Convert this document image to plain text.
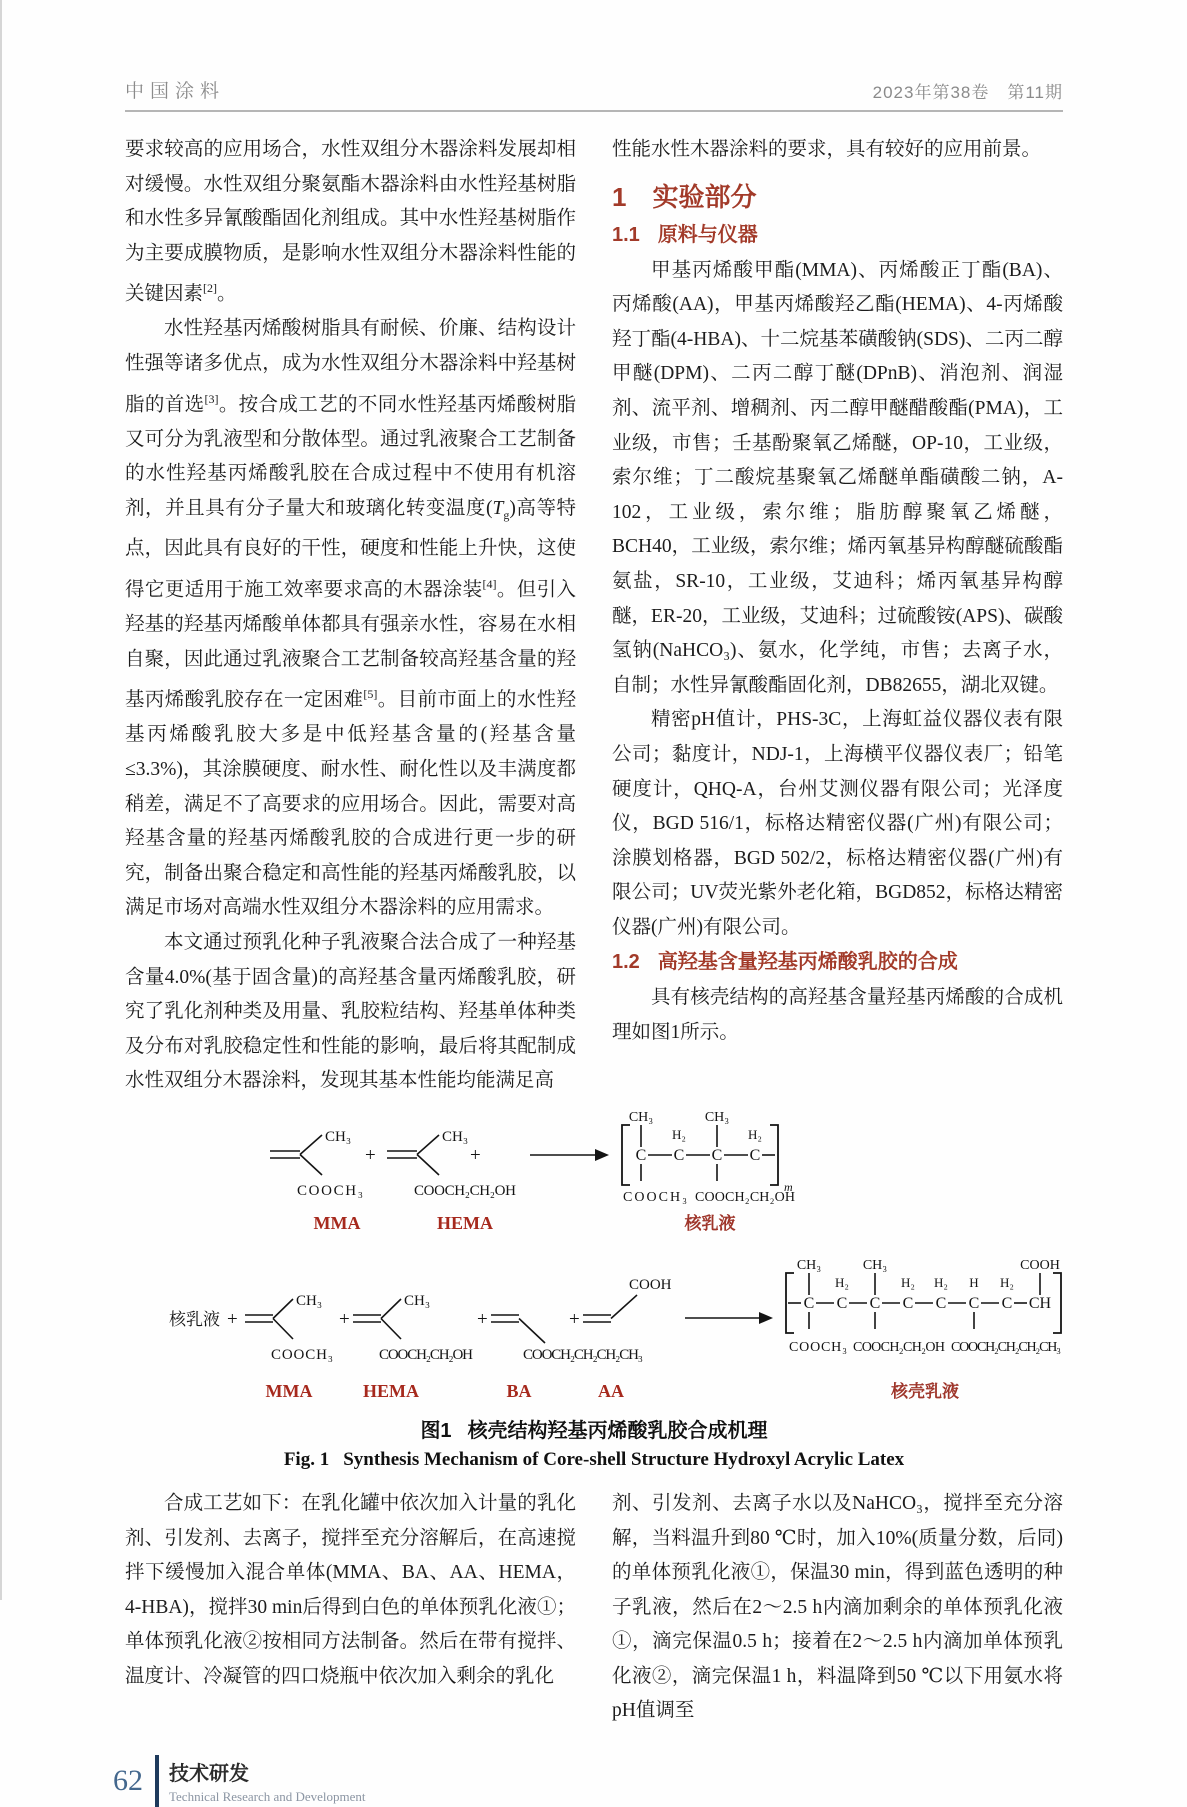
中国涂料	2023年第38卷　第11期

要求较高的应用场合，水性双组分木器涂料发展却相对缓慢。水性双组分聚氨酯木器涂料由水性羟基树脂和水性多异氰酸酯固化剂组成。其中水性羟基树脂作为主要成膜物质，是影响水性双组分木器涂料性能的关键因素[2]。

水性羟基丙烯酸树脂具有耐候、价廉、结构设计性强等诸多优点，成为水性双组分木器涂料中羟基树脂的首选[3]。按合成工艺的不同水性羟基丙烯酸树脂又可分为乳液型和分散体型。通过乳液聚合工艺制备的水性羟基丙烯酸乳胶在合成过程中不使用有机溶剂，并且具有分子量大和玻璃化转变温度$(T_g)$高等特点，因此具有良好的干性，硬度和性能上升快，这使得它更适用于施工效率要求高的木器涂装[4]。但引入羟基的羟基丙烯酸单体都具有强亲水性，容易在水相自聚，因此通过乳液聚合工艺制备较高羟基含量的羟基丙烯酸乳胶存在一定困难[5]。目前市面上的水性羟基丙烯酸乳胶大多是中低羟基含量的(羟基含量≤3.3%)，其涂膜硬度、耐水性、耐化性以及丰满度都稍差，满足不了高要求的应用场合。因此，需要对高羟基含量的羟基丙烯酸乳胶的合成进行更一步的研究，制备出聚合稳定和高性能的羟基丙烯酸乳胶，以满足市场对高端水性双组分木器涂料的应用需求。

本文通过预乳化种子乳液聚合法合成了一种羟基含量4.0%(基于固含量)的高羟基含量丙烯酸乳胶，研究了乳化剂种类及用量、乳胶粒结构、羟基单体种类及分布对乳胶稳定性和性能的影响，最后将其配制成水性双组分木器涂料，发现其基本性能均能满足高

性能水性木器涂料的要求，具有较好的应用前景。

1 实验部分
1.1 原料与仪器

甲基丙烯酸甲酯(MMA)、丙烯酸正丁酯(BA)、丙烯酸(AA)，甲基丙烯酸羟乙酯(HEMA)、4-丙烯酸羟丁酯(4-HBA)、十二烷基苯磺酸钠(SDS)、二丙二醇甲醚(DPM)、二丙二醇丁醚(DPnB)、消泡剂、润湿剂、流平剂、增稠剂、丙二醇甲醚醋酸酯(PMA)，工业级，市售；壬基酚聚氧乙烯醚，OP-10，工业级，索尔维；丁二酸烷基聚氧乙烯醚单酯磺酸二钠，A-102，工业级，索尔维；脂肪醇聚氧乙烯醚，BCH40，工业级，索尔维；烯丙氧基异构醇醚硫酸酯氨盐，SR-10，工业级，艾迪科；烯丙氧基异构醇醚，ER-20，工业级，艾迪科；过硫酸铵(APS)、碳酸氢钠(NaHCO₃)、氨水，化学纯，市售；去离子水，自制；水性异氰酸酯固化剂，DB82655，湖北双键。

精密pH值计，PHS-3C，上海虹益仪器仪表有限公司；黏度计，NDJ-1，上海横平仪器仪表厂；铅笔硬度计，QHQ-A，台州艾测仪器有限公司；光泽度仪，BGD 516/1，标格达精密仪器(广州)有限公司；涂膜划格器，BGD 502/2，标格达精密仪器(广州)有限公司；UV荧光紫外老化箱，BGD852，标格达精密仪器(广州)有限公司。

1.2 高羟基含量羟基丙烯酸乳胶的合成

具有核壳结构的高羟基含量羟基丙烯酸的合成机理如图1所示。

CH₃
COOCH₃
+
CH₃
COOCH₂CH₂OH
+	C C C C
m
CH₃
H₂
CH₃
H₂
COOCH₃ COOCH₂CH₂OH
MMA	HEMA	核乳液
核乳液 +
CH₃
COOCH₃
+
CH₃
COOCH₂CH₂OH
+
COOCH₂CH₂CH₂CH₃
+
COOH
C C C C C C C CH
CH₃
H₂
CH₃
H₂ H₂ H H₂
COOH
COOCH₃ COOCH₂CH₂OH COOCH₂CH₂CH₂CH₃
MMA	HEMA	BA	AA	核壳乳液
图1 核壳结构羟基丙烯酸乳胶合成机理
Fig. 1 Synthesis Mechanism of Core-shell Structure Hydroxyl Acrylic Latex

合成工艺如下：在乳化罐中依次加入计量的乳化剂、引发剂、去离子，搅拌至充分溶解后，在高速搅拌下缓慢加入混合单体(MMA、BA、AA、HEMA，4-HBA)，搅拌30 min后得到白色的单体预乳化液①；单体预乳化液②按相同方法制备。然后在带有搅拌、温度计、冷凝管的四口烧瓶中依次加入剩余的乳化

剂、引发剂、去离子水以及NaHCO₃，搅拌至充分溶解，当料温升到80 ℃时，加入10%(质量分数，后同)的单体预乳化液①，保温30 min，得到蓝色透明的种子乳液，然后在2～2.5 h内滴加剩余的单体预乳化液①，滴完保温0.5 h；接着在2～2.5 h内滴加单体预乳化液②，滴完保温1 h，料温降到50 ℃以下用氨水将pH值调至

62 技术研发
Technical Research and Development
